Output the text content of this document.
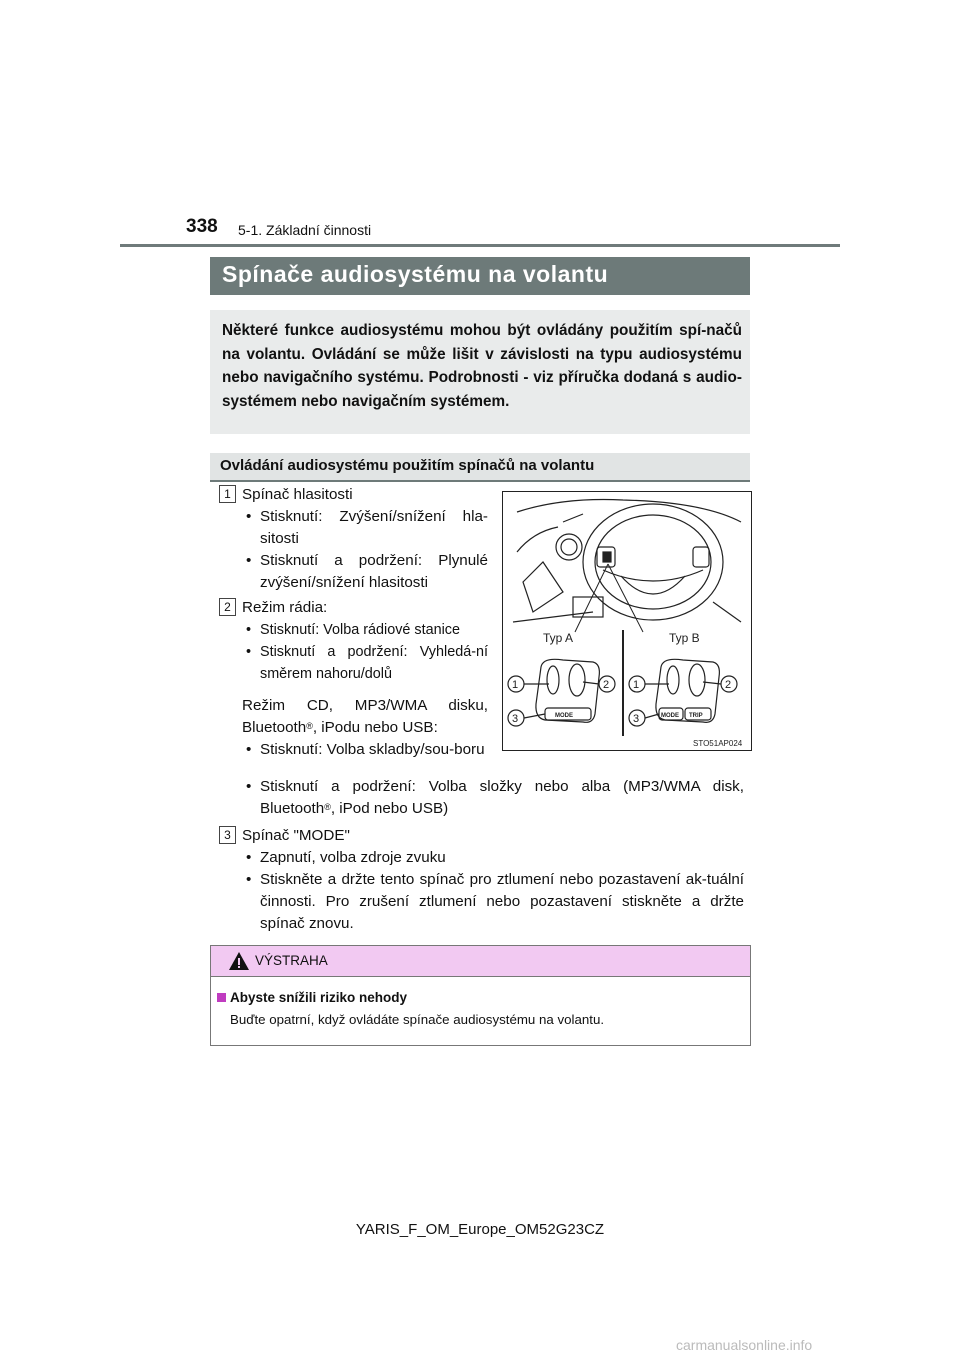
338 5-1. Základní činnosti
Spínače audiosystému na volantu

Některé funkce audiosystému mohou být ovládány použitím spí-načů na volantu. Ovládání se může lišit v závislosti na typu audiosystému nebo navigačního systému. Podrobnosti - viz příručka dodaná s audio-systémem nebo navigačním systémem.

Ovládání audiosystému použitím spínačů na volantu
1 Spínač hlasitosti
• Stisknutí: Zvýšení/snížení hla-sitosti
• Stisknutí a podržení: Plynulé zvýšení/snížení hlasitosti
2 Režim rádia:
• Stisknutí: Volba rádiové stanice
• Stisknutí a podržení: Vyhledá-ní směrem nahoru/dolů
Režim CD, MP3/WMA disku, Bluetooth®, iPodu nebo USB:
• Stisknutí: Volba skladby/sou-boru
• Stisknutí a podržení: Volba složky nebo alba (MP3/WMA disk, Bluetooth®, iPod nebo USB)
3 Spínač "MODE"
• Zapnutí, volba zdroje zvuku
• Stiskněte a držte tento spínač pro ztlumení nebo pozastavení ak-tuální činnosti. Pro zrušení ztlumení nebo pozastavení stiskněte a držte spínač znovu.
Typ A	Typ B
1	2
3
1	2
3
MODE	MODE TRIP
STO51AP024
VÝSTRAHA
Abyste snížili riziko nehody
Buďte opatrní, když ovládáte spínače audiosystému na volantu.
YARIS_F_OM_Europe_OM52G23CZ
carmanualsonline.info
